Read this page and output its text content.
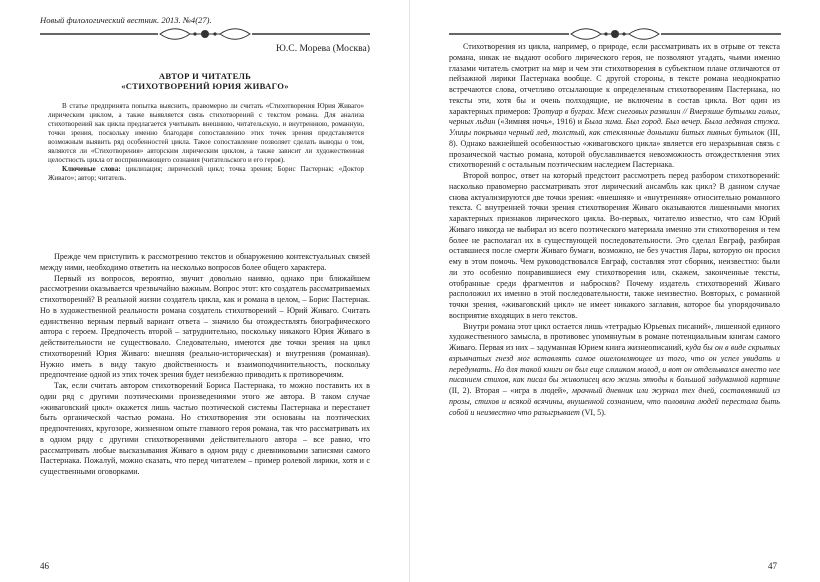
Новый филологический вестник. 2013. №4(27).
Ю.С. Морева (Москва)
АВТОР И ЧИТАТЕЛЬ
«СТИХОТВОРЕНИЙ ЮРИЯ ЖИВАГО»

В статье предпринята попытка выяснить, правомерно ли считать «Стихотворения Юрия Живаго» лирическим циклом, а также выявляется связь стихотворений с текстом романа. Для анализа стихотворений как цикла предлагается учитывать внешнюю, читательскую, и внутреннюю, романную, точки зрения, поскольку именно благодаря сопоставлению этих точек зрения представляется возможным выявить ряд особенностей цикла. Такое сопоставление позволяет сделать выводы о том, являются ли «Стихотворения» авторским лирическим циклом, а также зависит ли художественная целостность цикла от воспринимающего сознания (читательского и его героя).

Ключевые слова: циклизация; лирический цикл; точка зрения; Борис Пастернак; «Доктор Живаго»; автор; читатель.

Прежде чем приступить к рассмотрению текстов и обнаружению контекстуальных связей между ними, необходимо ответить на несколько вопросов более общего характера.

Первый из вопросов, вероятно, звучит довольно наивно, однако при ближайшем рассмотрении оказывается чрезвычайно важным. Вопрос этот: кто создатель рассматриваемых стихотворений? В реальной жизни создатель цикла, как и романа в целом, – Борис Пастернак. Но в художественной реальности романа создатель стихотворений – Юрий Живаго. Считать единственно верным первый вариант ответа – значило бы отождествлять биографического автора с героем. Предпочесть второй – затруднительно, поскольку никакого Юрия Живаго в действительности не существовало. Следовательно, имеются две точки зрения на цикл стихотворений Юрия Живаго: внешняя (реально-историческая) и внутренняя (романная). Нужно иметь в виду такую двойственность и взаимоподчинительность, поскольку предпочтение одной из этих точек зрения будет неизбежно приводить к противоречиям.

Так, если считать автором стихотворений Бориса Пастернака, то можно поставить их в один ряд с другими поэтическими произведениями этого же автора. В таком случае «живаговский цикл» окажется лишь частью поэтической системы Пастернака и перестанет быть органической частью романа. Но стихотворения эти основаны на поэтических предпочтениях, кругозоре, жизненном опыте главного героя романа, так что рассматривать их в одном ряду с другими стихотворениями действительного автора – все равно, что рассматривать любые высказывания Живаго в одном ряду с дневниковыми записями самого Пастернака. Пожалуй, можно сказать, что перед читателем – пример ролевой лирики, хотя и с существенными оговорками.

46

Стихотворения из цикла, например, о природе, если рассматривать их в отрыве от текста романа, никак не выдают особого лирического героя, не позволяют угадать, чьими именно глазами читатель смотрит на мир и чем эти стихотворения в субъектном плане отличаются от пейзажной лирики Пастернака вообще. С другой стороны, в тексте романа неоднократно встречаются слова, отчетливо отсылающие к определенным стихотворениям Пастернака, но тексты эти, хотя бы и очень полходящие, не включены в состав цикла. Вот один из характерных примеров: Тротуар в буграх. Меж снеговых развилин // Вмерзшие бутылки голых, черных льдин («Зимняя ночь», 1916) и Была зима. Был город. Был вечер. Была ледяная стужа. Улицы покрывал черный лед, толстый, как стеклянные донышки битых пивных бутылок (III, 8). Однако важнейшей особенностью «живаговского цикла» является его неразрывная связь с прозаической частью романа, которой обуславливается невозможность отождествления этих стихотворений с остальным поэтическим наследием Пастернака.

Второй вопрос, ответ на который предстоит рассмотреть перед разбором стихотворений: насколько правомерно рассматривать этот лирический ансамбль как цикл? В данном случае снова актуализируются две точки зрения: «внешняя» и «внутренняя» относительно романного текста. С внутренней точки зрения стихотворения Живаго оказываются лишенными многих характерных признаков лирического цикла. Во-первых, читателю известно, что сам Юрий Живаго никогда не выбирал из всего поэтического материала именно эти стихотворения и тем более не располагал их в существующей последовательности. Это сделал Евграф, разбирая оставшиеся после смерти Живаго бумаги, возможно, не без участия Лары, которую он просил ему в этом помочь. Чем руководствовался Евграф, составляя этот сборник, неизвестно: были ли это особенно понравившиеся ему стихотворения или, скажем, законченные тексты, отобранные среди фрагментов и набросков? Почему издатель стихотворений Живаго расположил их именно в этой последовательности, также неизвестно. Вовторых, с романной точки зрения, «живаговский цикл» не имеет никакого заглавия, которое бы упорядочивало восприятие входящих в него текстов.

Внутри романа этот цикл остается лишь «тетрадью Юрьевых писаний», лишенной единого художественного замысла, в противовес упомянутым в романе потенциальным книгам самого Живаго. Первая из них – задуманная Юрием книга жизнеописаний, куда бы он в виде скрытых взрывчатых гнезд мог вставлять самое ошеломляющее из того, что он успел увидать и передумать. Но для такой книги он был еще слишком молод, и вот он отделывался вместо нее писанием стихов, как писал бы живописец всю жизнь этюды к большой задуманной картине (II, 2). Вторая – «игра в людей», мрачный дневник или журнал тех дней, составлявший из прозы, стихов и всякой всячины, внушенной сознанием, что половина людей перестала быть собой и неизвестно что разыгрывает (VI, 5).

47
